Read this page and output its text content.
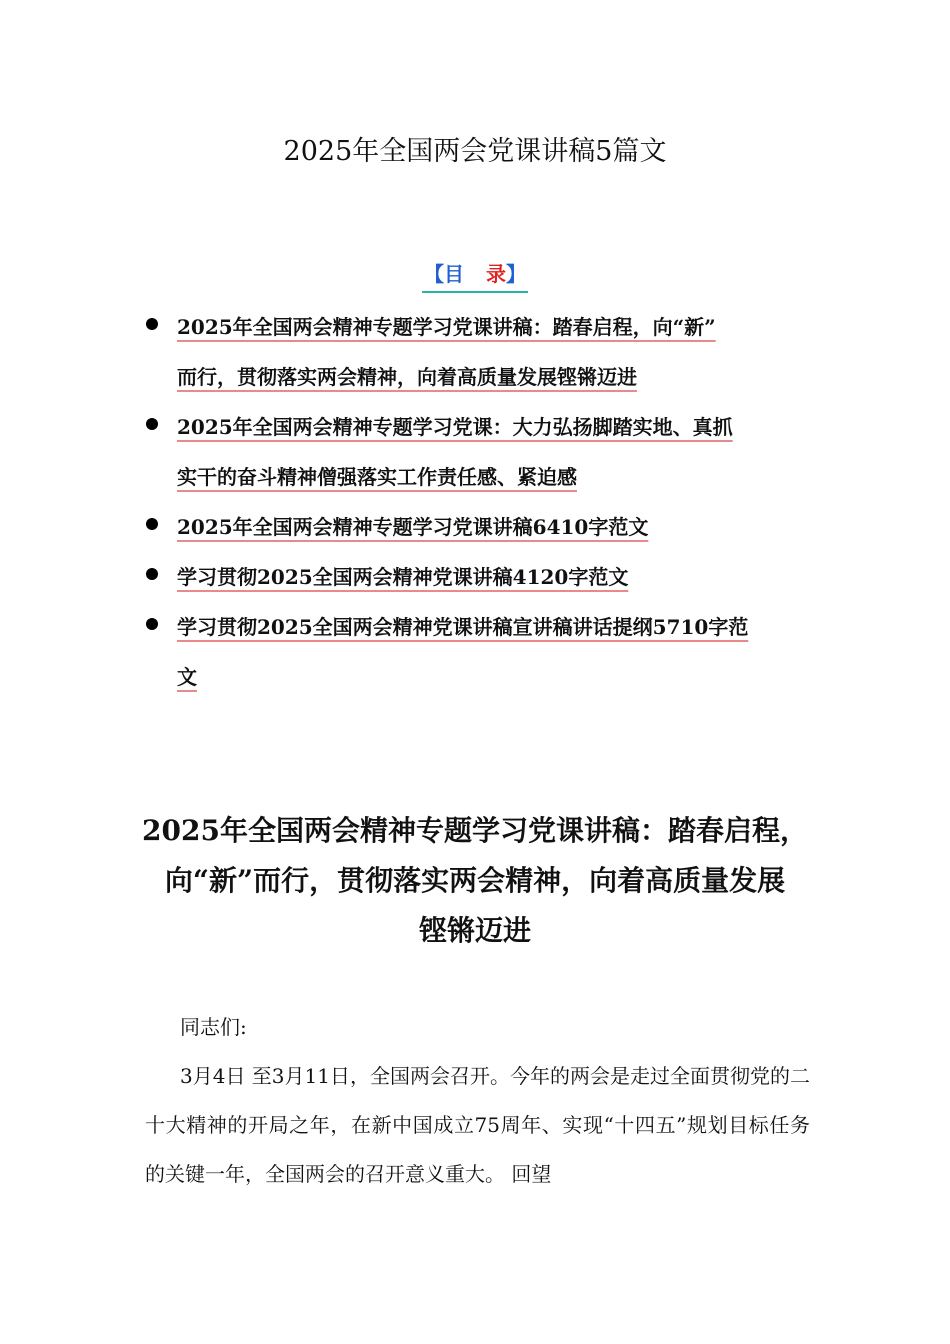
2025年全国两会党课讲稿5篇文
【目 录】
2025年全国两会精神专题学习党课讲稿：踏春启程，向“新”
而行，贯彻落实两会精神，向着高质量发展铿锵迈进
2025年全国两会精神专题学习党课：大力弘扬脚踏实地、真抓
实干的奋斗精神僧强落实工作责任感、紧迫感
2025年全国两会精神专题学习党课讲稿6410字范文
学习贯彻2025全国两会精神党课讲稿4120字范文
学习贯彻2025全国两会精神党课讲稿宣讲稿讲话提纲5710字范
文
2025年全国两会精神专题学习党课讲稿：踏春启程，
向“新”而行，贯彻落实两会精神，向着高质量发展
铿锵迈进

同志们:

3月4日 至3月11日，全国两会召开。今年的两会是走过全面贯彻党的二十大精神的开局之年，在新中国成立75周年、实现“十四五”规划目标任务的关键一年，全国两会的召开意义重大。 回望
